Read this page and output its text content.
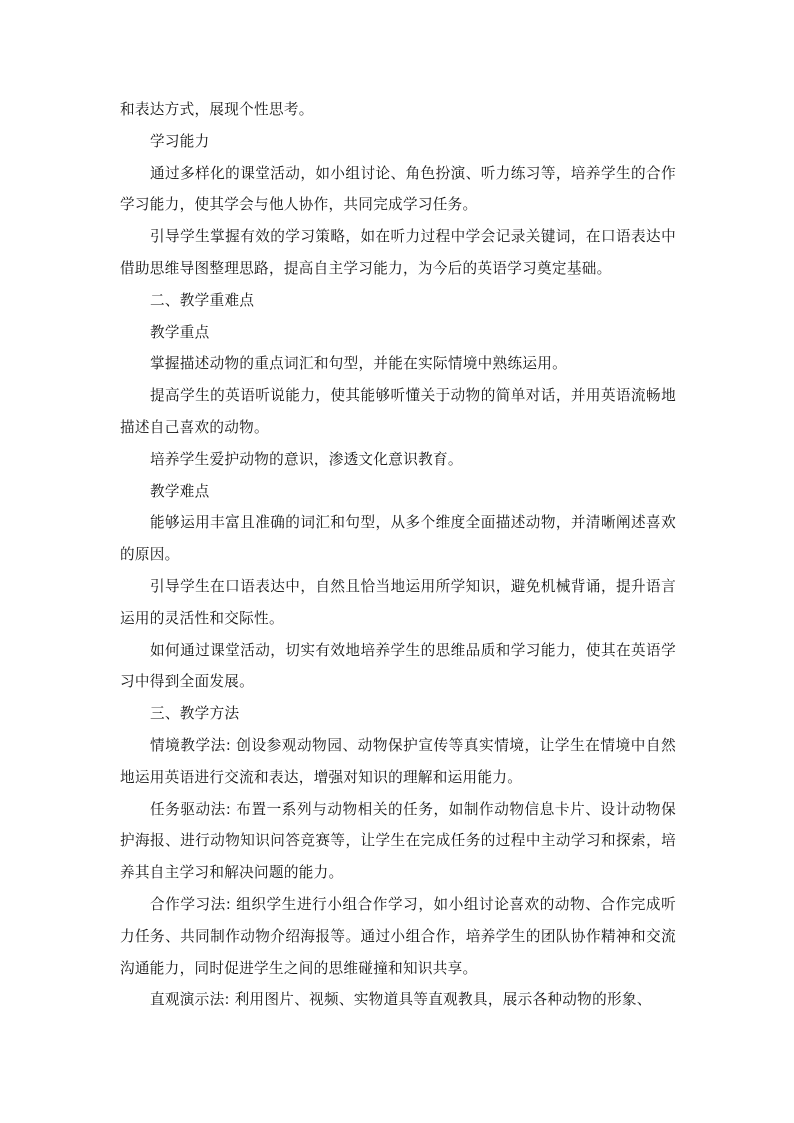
和表达方式，展现个性思考。

学习能力

通过多样化的课堂活动，如小组讨论、角色扮演、听力练习等，培养学生的合作学习能力，使其学会与他人协作，共同完成学习任务。

引导学生掌握有效的学习策略，如在听力过程中学会记录关键词，在口语表达中借助思维导图整理思路，提高自主学习能力，为今后的英语学习奠定基础。

二、教学重难点

教学重点

掌握描述动物的重点词汇和句型，并能在实际情境中熟练运用。

提高学生的英语听说能力，使其能够听懂关于动物的简单对话，并用英语流畅地描述自己喜欢的动物。

培养学生爱护动物的意识，渗透文化意识教育。

教学难点

能够运用丰富且准确的词汇和句型，从多个维度全面描述动物，并清晰阐述喜欢的原因。

引导学生在口语表达中，自然且恰当地运用所学知识，避免机械背诵，提升语言运用的灵活性和交际性。

如何通过课堂活动，切实有效地培养学生的思维品质和学习能力，使其在英语学习中得到全面发展。

三、教学方法

情境教学法: 创设参观动物园、动物保护宣传等真实情境，让学生在情境中自然地运用英语进行交流和表达，增强对知识的理解和运用能力。

任务驱动法: 布置一系列与动物相关的任务，如制作动物信息卡片、设计动物保护海报、进行动物知识问答竞赛等，让学生在完成任务的过程中主动学习和探索，培养其自主学习和解决问题的能力。

合作学习法: 组织学生进行小组合作学习，如小组讨论喜欢的动物、合作完成听力任务、共同制作动物介绍海报等。通过小组合作，培养学生的团队协作精神和交流沟通能力，同时促进学生之间的思维碰撞和知识共享。

直观演示法: 利用图片、视频、实物道具等直观教具，展示各种动物的形象、
